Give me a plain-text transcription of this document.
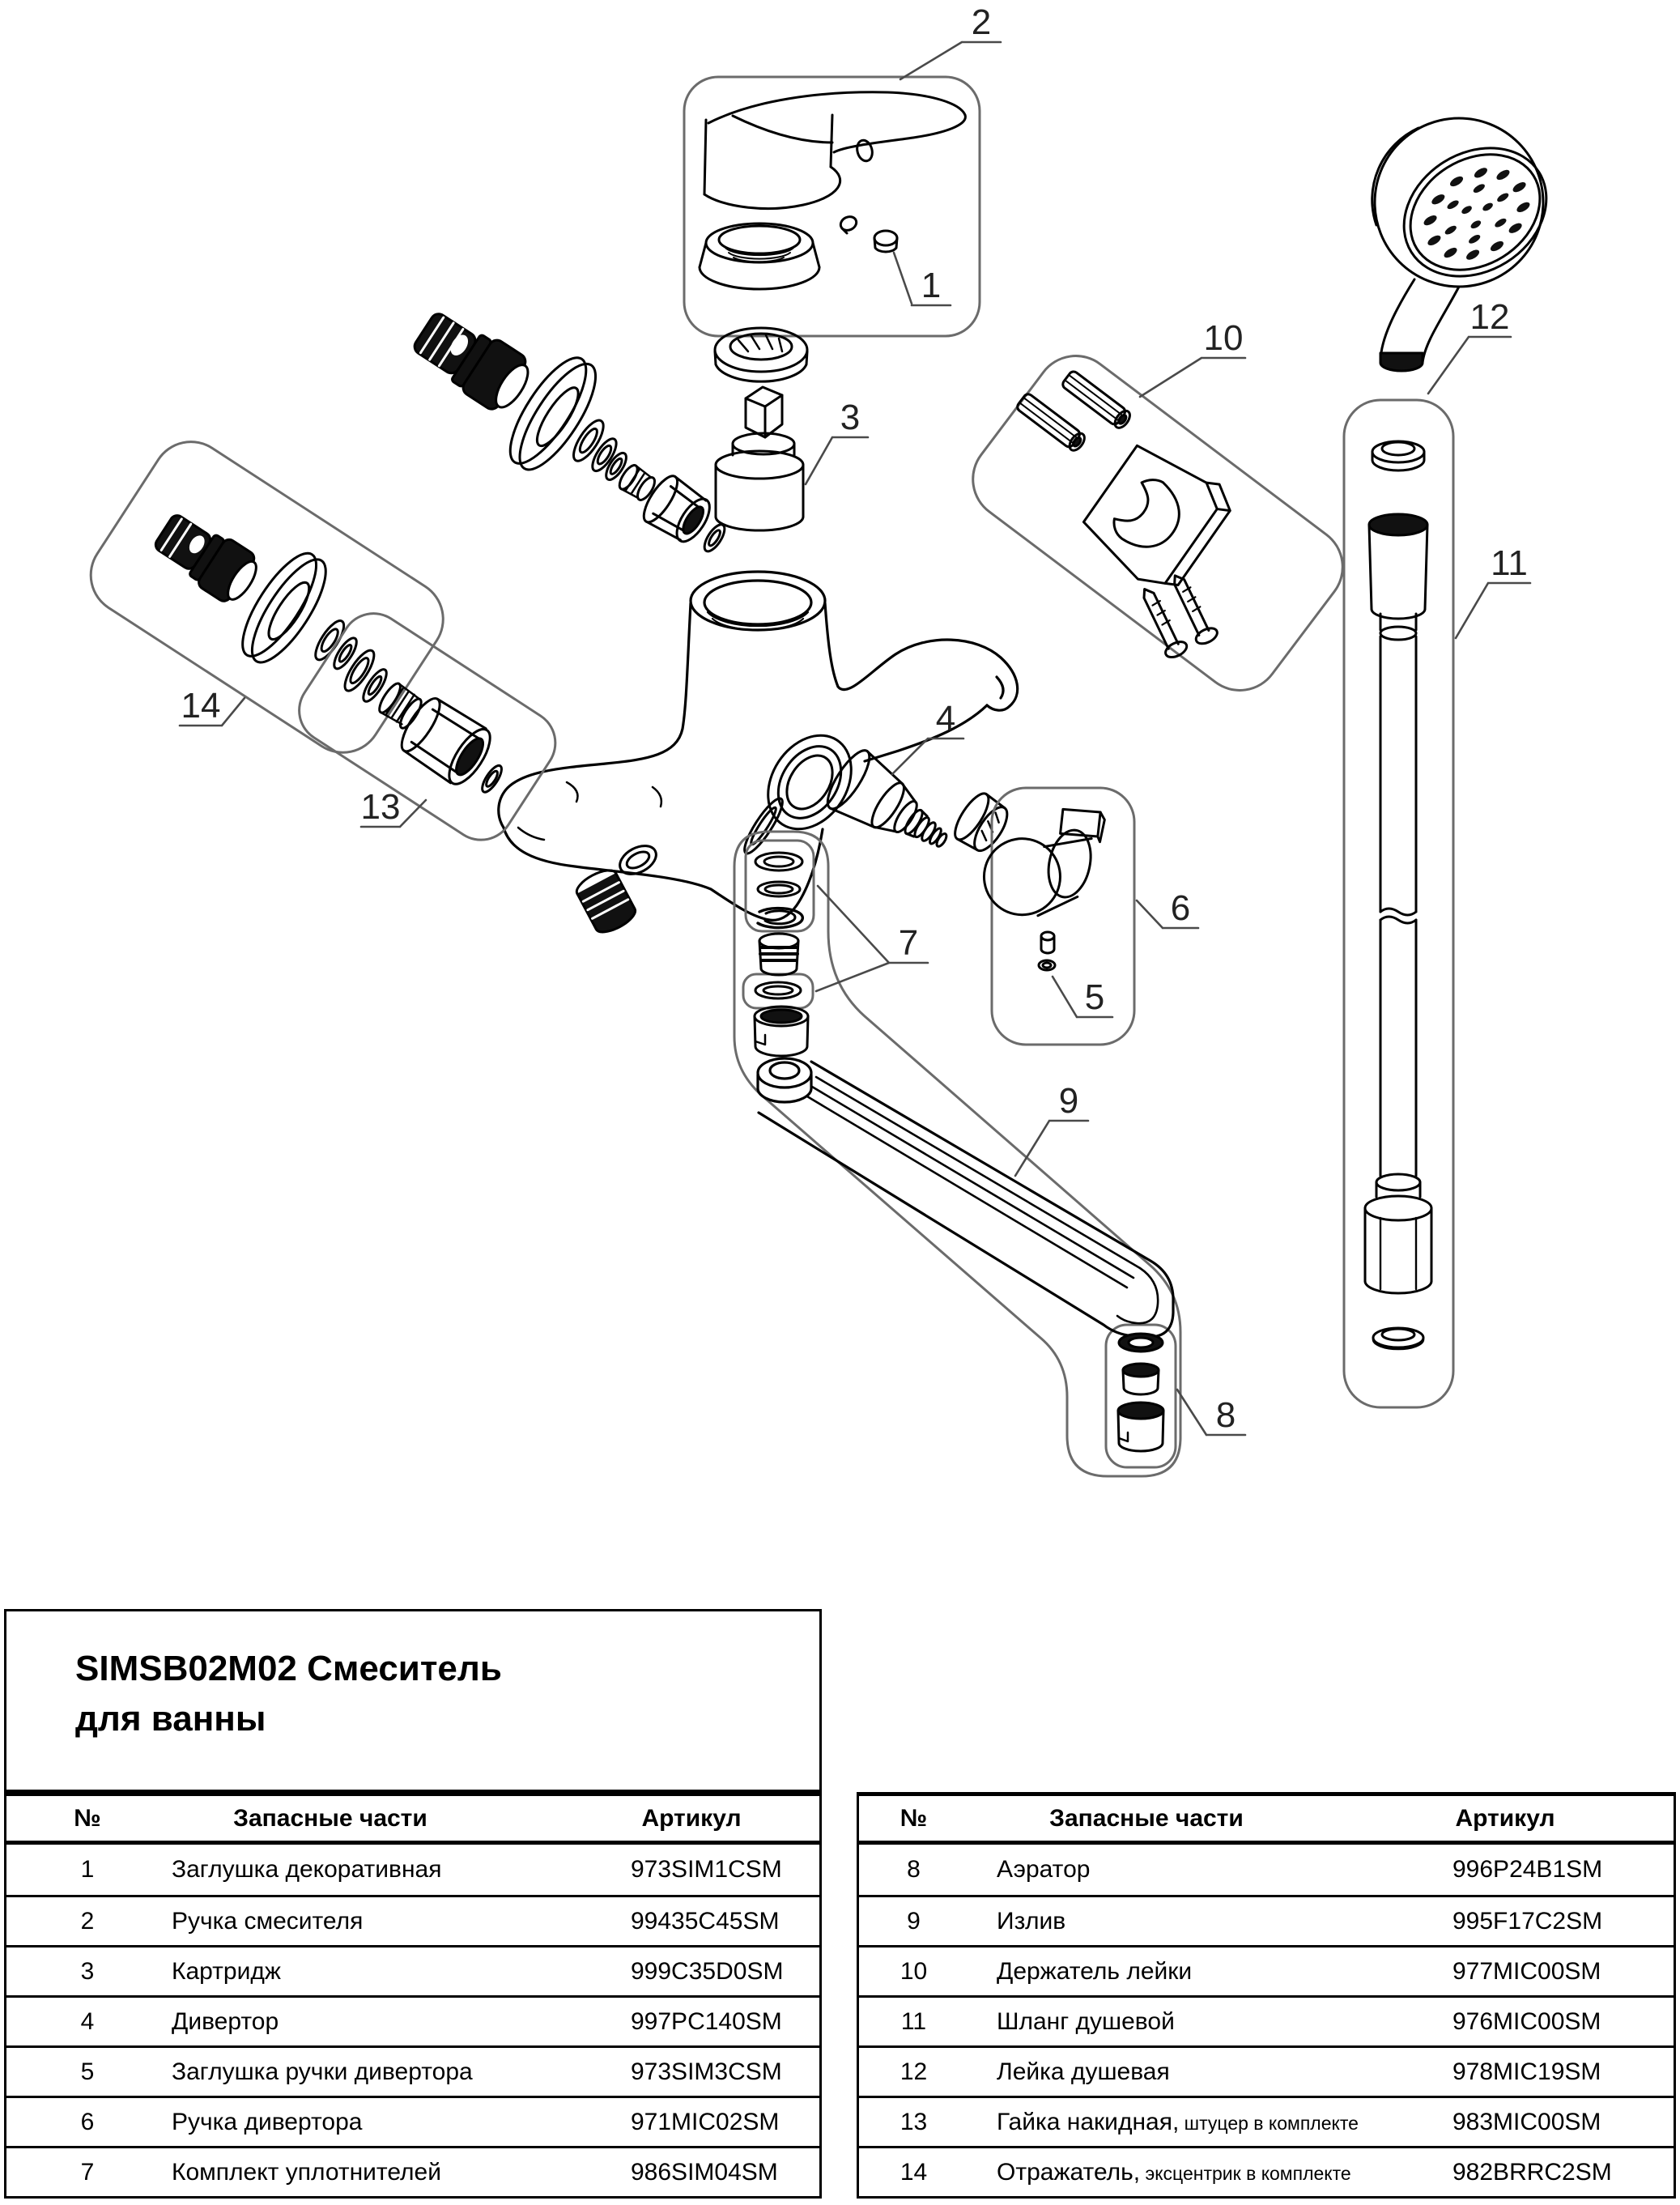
1
2
3
4
5
6
7
8
9
10
11
12
13
14
SIMSB02M02 Смеситель
для ванны
№	Запасные части	Артикул
1	Заглушка декоративная	973SIM1CSM
2	Ручка смесителя	99435C45SM
3	Картридж	999C35D0SM
4	Дивертор	997PC140SM
5	Заглушка ручки дивертора	973SIM3CSM
6	Ручка дивертора	971MIC02SM
7	Комплект уплотнителей	986SIM04SM
№	Запасные части	Артикул
8	Аэратор	996P24B1SM
9	Излив	995F17C2SM
10	Держатель лейки	977MIC00SM
11	Шланг душевой	976MIC00SM
12	Лейка душевая	978MIC19SM
13	Гайка накидная, штуцер в комплекте	983MIC00SM
14	Отражатель, эксцентрик в комплекте	982BRRC2SM
